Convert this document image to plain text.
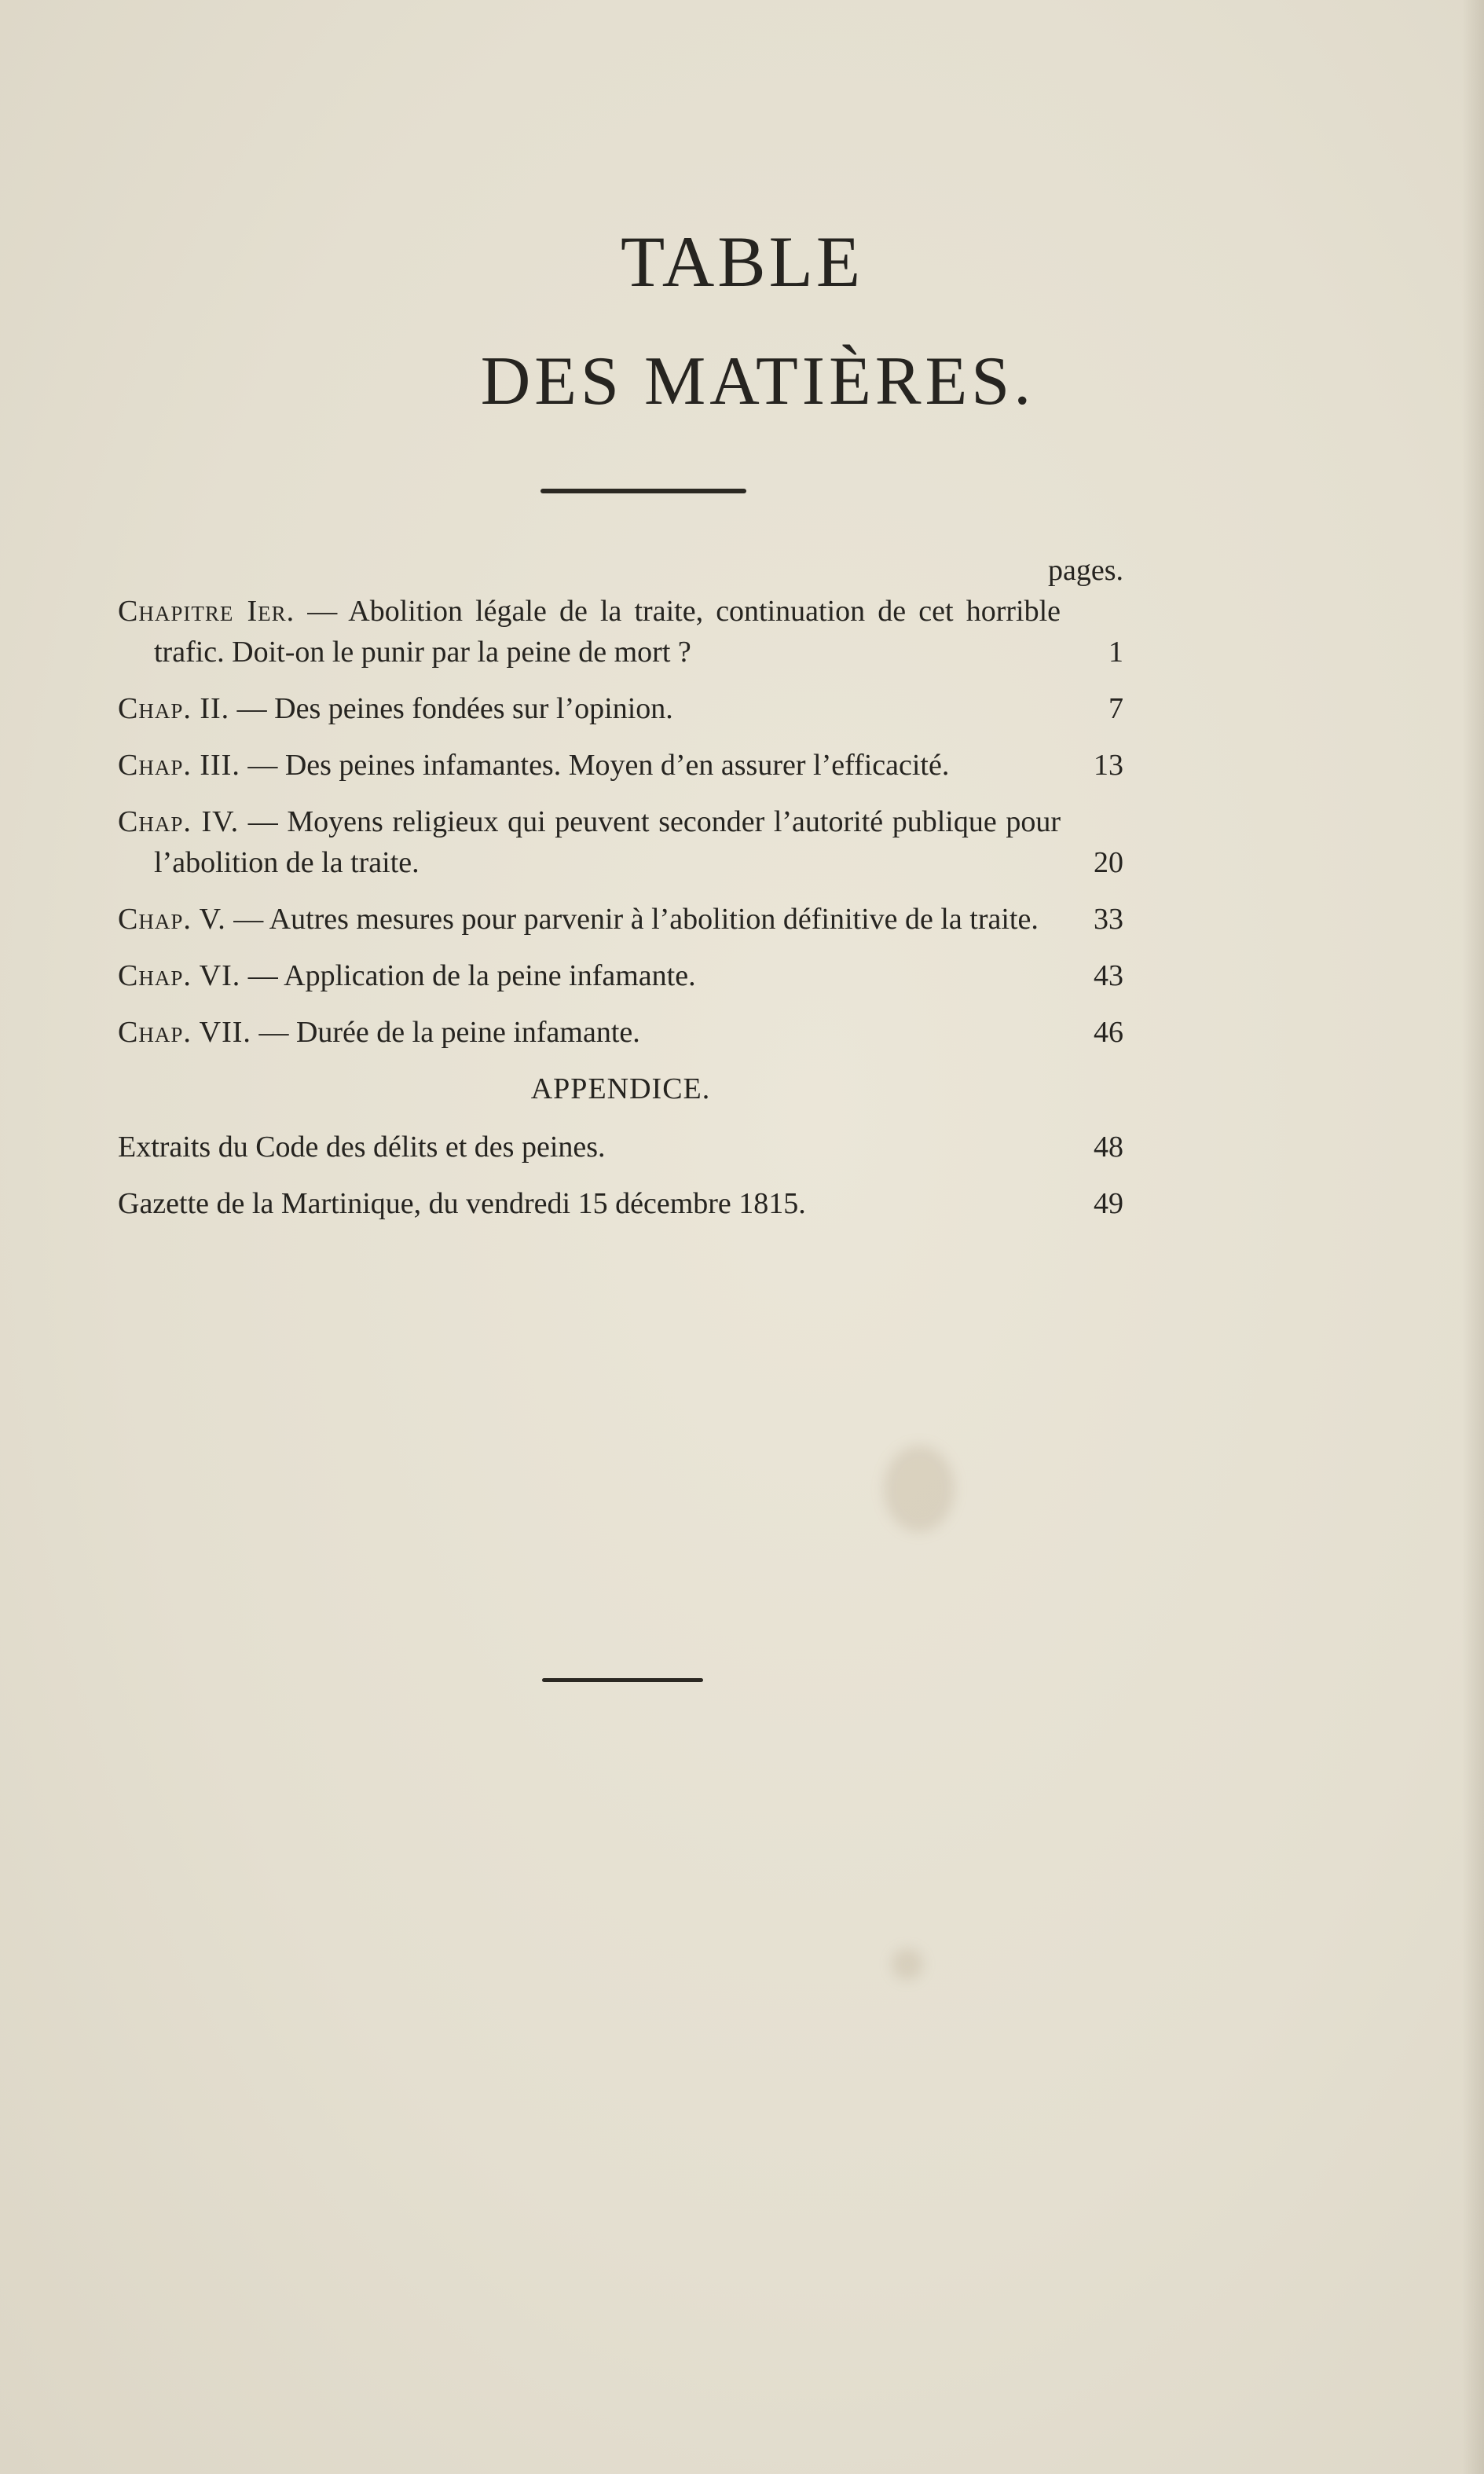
TABLE
DES MATIÈRES.
pages.
Chapitre Ier. — Abolition légale de la traite, continuation de cet horrible trafic. Doit-on le punir par la peine de mort ?	1
Chap. II. — Des peines fondées sur l’opinion.	7
Chap. III. — Des peines infamantes. Moyen d’en assurer l’efficacité.	13
Chap. IV. — Moyens religieux qui peuvent seconder l’autorité publique pour l’abolition de la traite.	20
Chap. V. — Autres mesures pour parvenir à l’abolition définitive de la traite.	33
Chap. VI. — Application de la peine infamante.	43
Chap. VII. — Durée de la peine infamante.	46
APPENDICE.
Extraits du Code des délits et des peines.	48
Gazette de la Martinique, du vendredi 15 décembre 1815.	49
